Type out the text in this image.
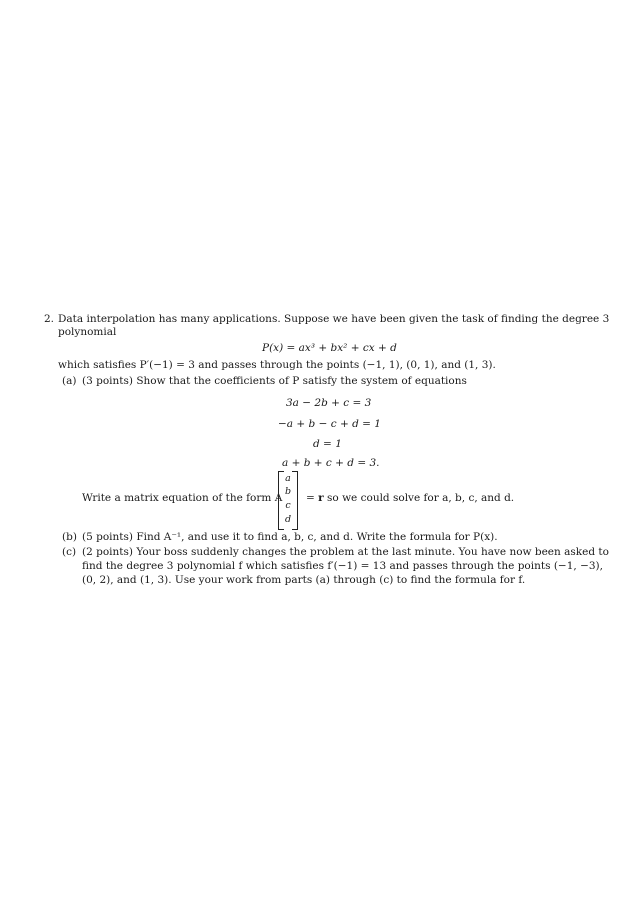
2. Data interpolation has many applications. Suppose we have been given the task of finding the degree 3
polynomial
P(x) = ax³ + bx² + cx + d
which satisfies P′(−1) = 3 and passes through the points (−1, 1), (0, 1), and (1, 3).
(a) (3 points) Show that the coefficients of P satisfy the system of equations
3a − 2b + c = 3
−a + b − c + d = 1
d = 1
a + b + c + d = 3.
Write a matrix equation of the form A
a
b
c
d
= r so we could solve for a, b, c, and d.
(b) (5 points) Find A⁻¹, and use it to find a, b, c, and d. Write the formula for P(x).
(c) (2 points) Your boss suddenly changes the problem at the last minute. You have now been asked to
find the degree 3 polynomial f which satisfies f′(−1) = 13 and passes through the points (−1, −3),
(0, 2), and (1, 3). Use your work from parts (a) through (c) to find the formula for f.
